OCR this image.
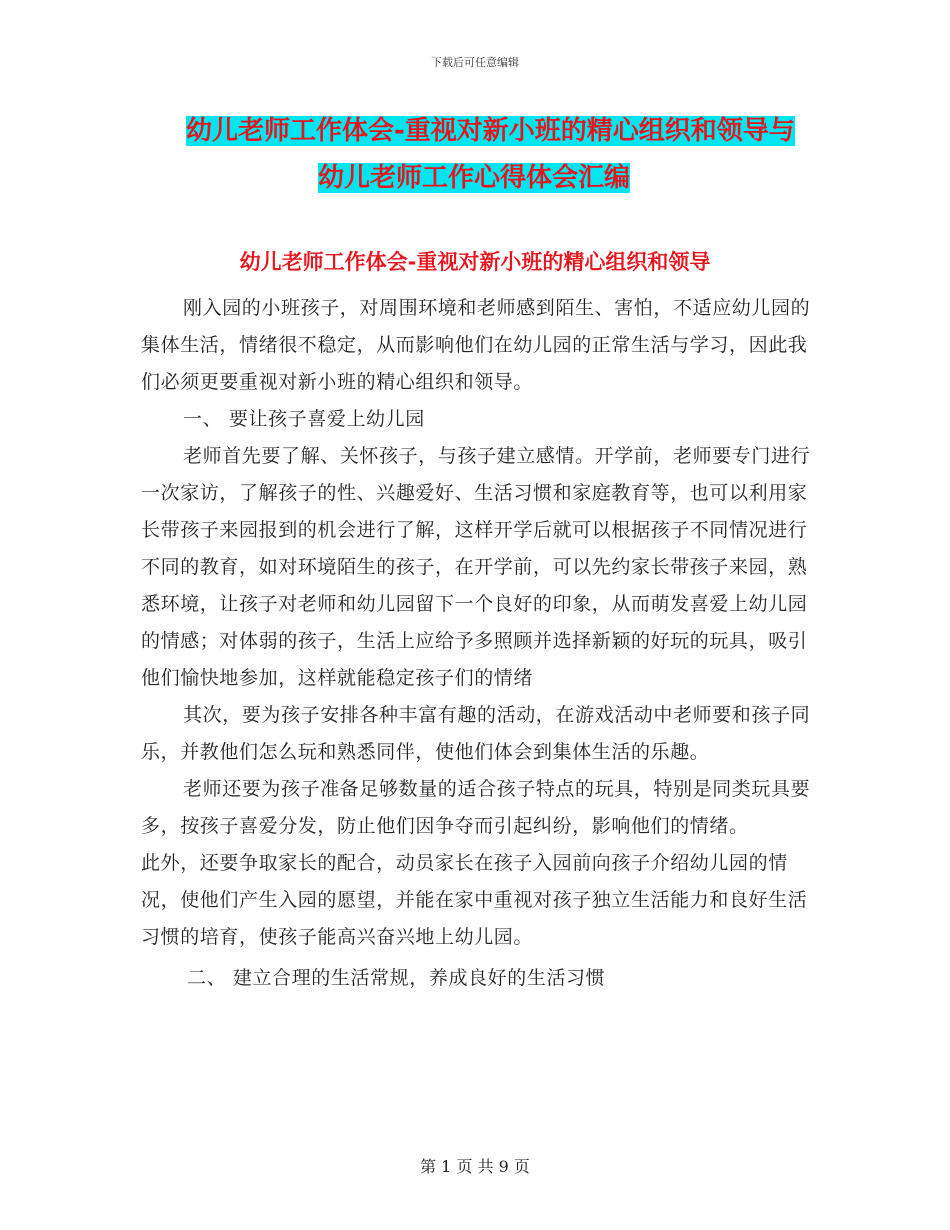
下载后可任意编辑
幼儿老师工作体会-重视对新小班的精心组织和领导与
幼儿老师工作心得体会汇编
幼儿老师工作体会-重视对新小班的精心组织和领导

刚入园的小班孩子，对周围环境和老师感到陌生、害怕，不适应幼儿园的集体生活，情绪很不稳定，从而影响他们在幼儿园的正常生活与学习，因此我们必须更要重视对新小班的精心组织和领导。

一、 要让孩子喜爱上幼儿园

老师首先要了解、关怀孩子，与孩子建立感情。开学前，老师要专门进行一次家访，了解孩子的性、兴趣爱好、生活习惯和家庭教育等，也可以利用家长带孩子来园报到的机会进行了解，这样开学后就可以根据孩子不同情况进行不同的教育，如对环境陌生的孩子，在开学前，可以先约家长带孩子来园，熟悉环境，让孩子对老师和幼儿园留下一个良好的印象，从而萌发喜爱上幼儿园的情感；对体弱的孩子，生活上应给予多照顾并选择新颖的好玩的玩具，吸引他们愉快地参加，这样就能稳定孩子们的情绪

其次，要为孩子安排各种丰富有趣的活动，在游戏活动中老师要和孩子同乐，并教他们怎么玩和熟悉同伴，使他们体会到集体生活的乐趣。

老师还要为孩子准备足够数量的适合孩子特点的玩具，特别是同类玩具要多，按孩子喜爱分发，防止他们因争夺而引起纠纷，影响他们的情绪。

此外，还要争取家长的配合，动员家长在孩子入园前向孩子介绍幼儿园的情况，使他们产生入园的愿望，并能在家中重视对孩子独立生活能力和良好生活习惯的培育，使孩子能高兴奋兴地上幼儿园。

二、 建立合理的生活常规，养成良好的生活习惯

第 1 页 共 9 页
